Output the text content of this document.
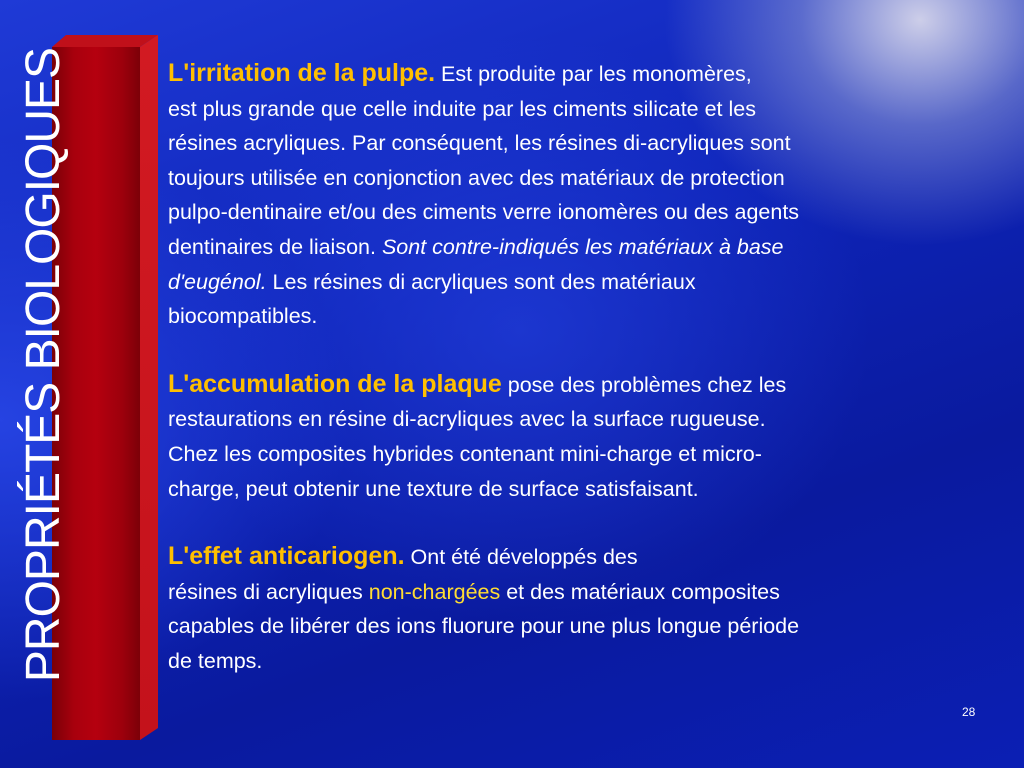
PROPRIÉTÉS BIOLOGIQUES	L'irritation de la pulpe. Est produite par les monomères,
est plus grande que celle induite par les ciments silicate et les
résines acryliques. Par conséquent, les résines di-acryliques sont
toujours utilisée en conjonction avec des matériaux de protection
pulpo-dentinaire et/ou des ciments verre ionomères ou des agents
dentinaires de liaison. Sont contre-indiqués les matériaux à base
d'eugénol. Les résines di acryliques sont des matériaux
biocompatibles.
L'accumulation de la plaque pose des problèmes chez les
restaurations en résine di-acryliques avec la surface rugueuse.
Chez les composites hybrides contenant mini-charge et micro-
charge, peut obtenir une texture de surface satisfaisant.
L'effet anticariogen. Ont été développés des
résines di acryliques non-chargées et des matériaux composites
capables de libérer des ions fluorure pour une plus longue période
de temps.
28
